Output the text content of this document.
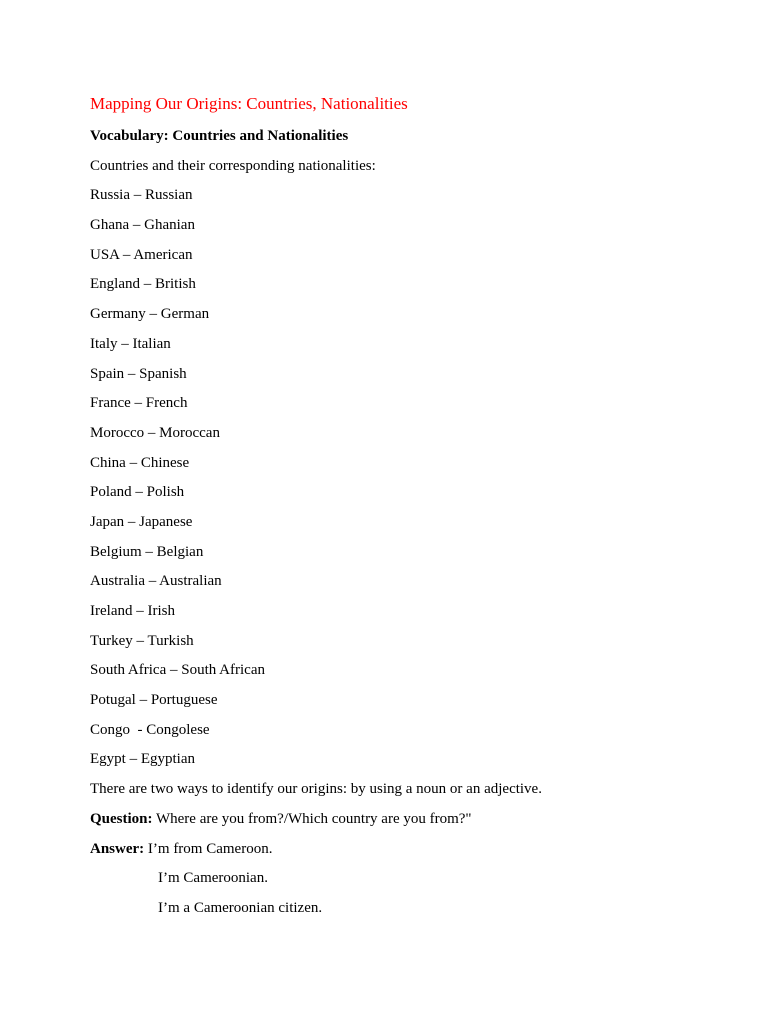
Mapping Our Origins: Countries, Nationalities
Vocabulary: Countries and Nationalities
Countries and their corresponding nationalities:
Russia – Russian
Ghana – Ghanian
USA – American
England – British
Germany – German
Italy – Italian
Spain – Spanish
France – French
Morocco – Moroccan
China – Chinese
Poland – Polish
Japan – Japanese
Belgium – Belgian
Australia – Australian
Ireland – Irish
Turkey – Turkish
South Africa – South African
Potugal – Portuguese
Congo  - Congolese
Egypt – Egyptian
There are two ways to identify our origins: by using a noun or an adjective.
Question: Where are you from?/Which country are you from?"
Answer: I’m from Cameroon.
I’m Cameroonian.
I’m a Cameroonian citizen.
